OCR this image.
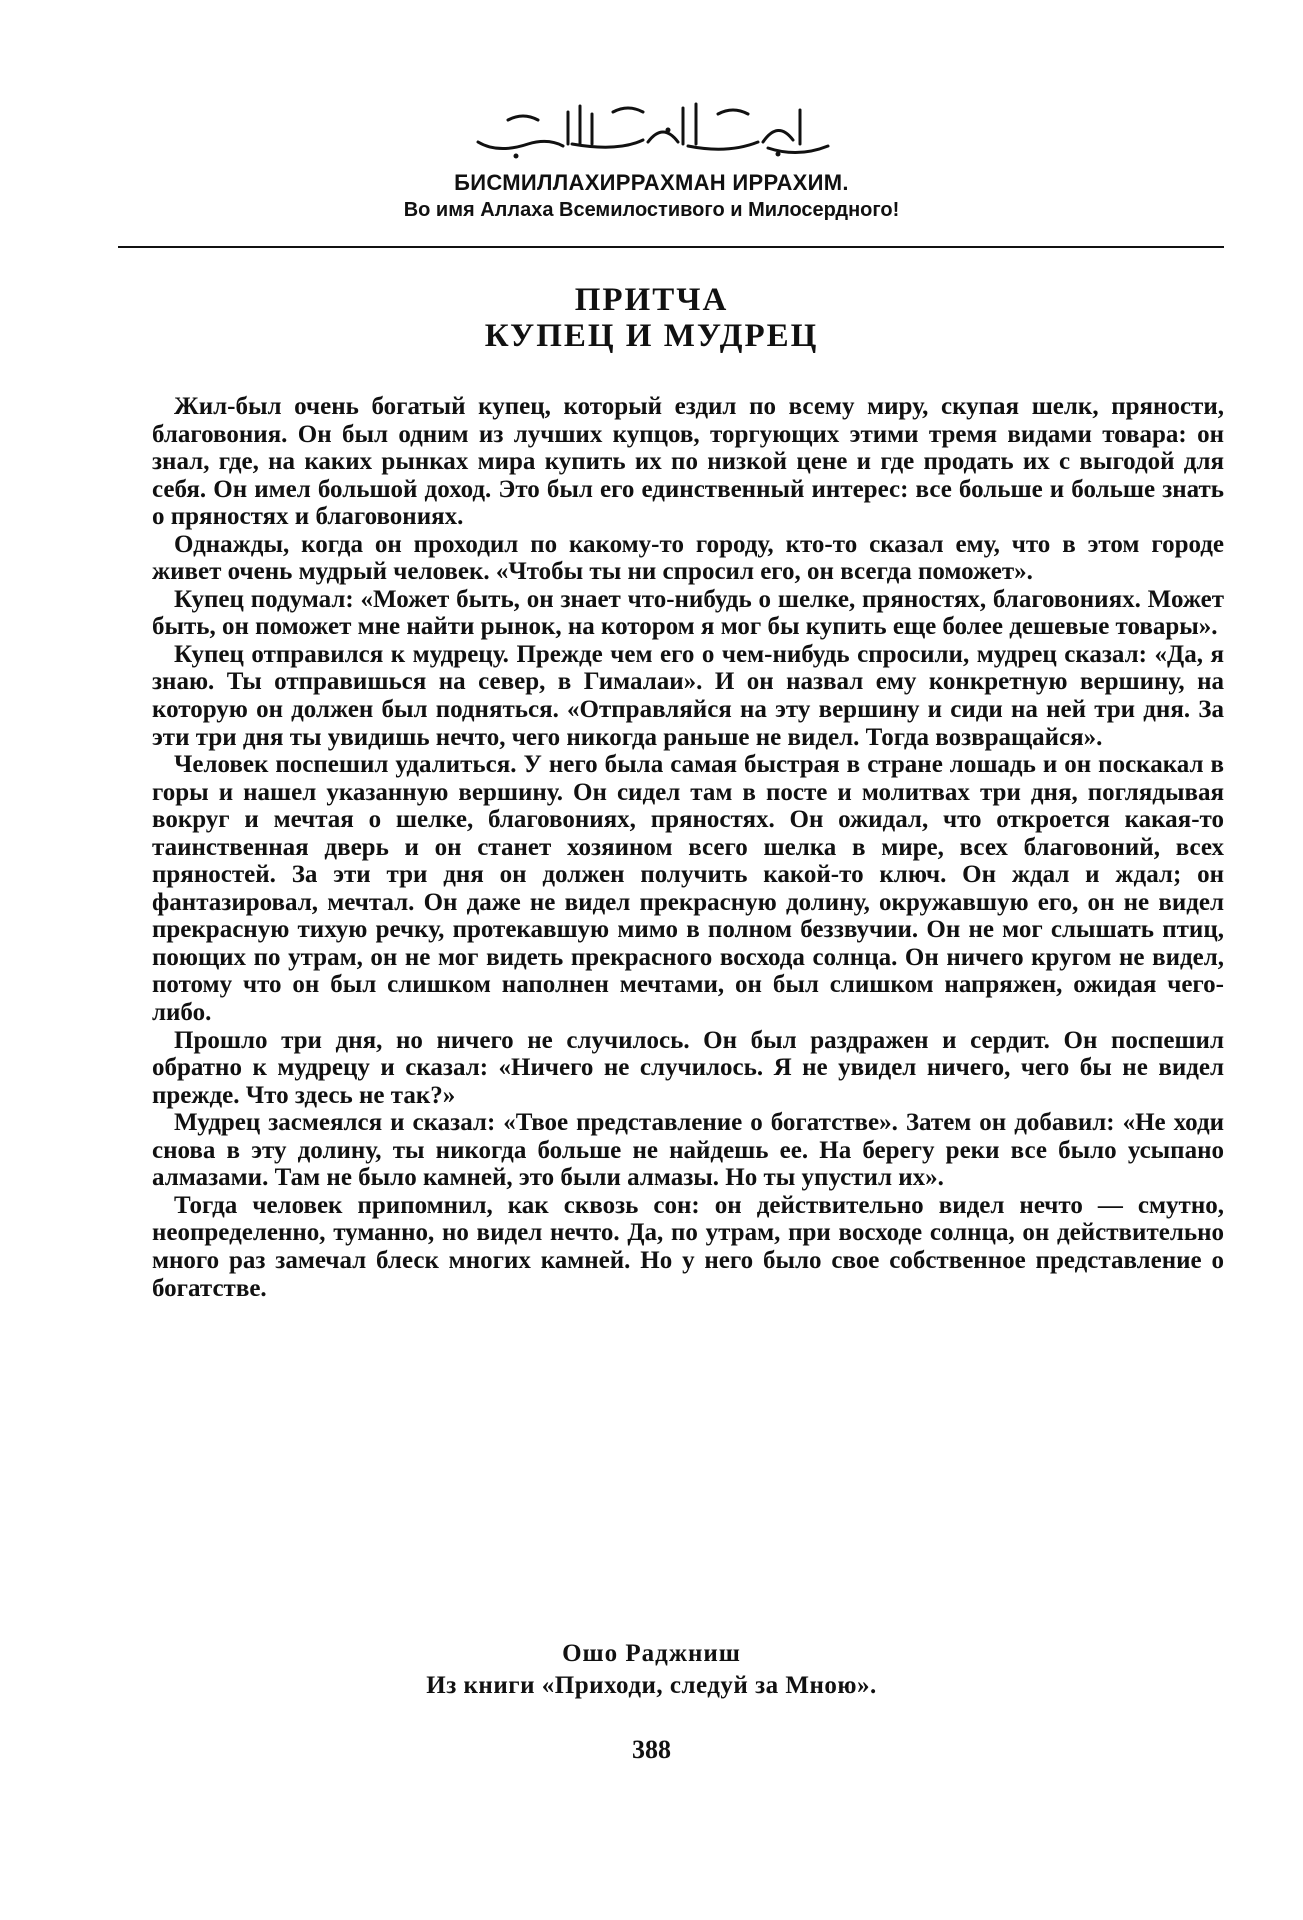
БИСМИЛЛАХИРРАХМАН ИРРАХИМ.
Во имя Аллаха Всемилостивого и Милосердного!
ПРИТЧА
КУПЕЦ И МУДРЕЦ

Жил-был очень богатый купец, который ездил по всему миру, скупая шелк, пряности, благовония. Он был одним из лучших купцов, торгующих этими тремя видами товара: он знал, где, на каких рынках мира купить их по низкой цене и где продать их с выгодой для себя. Он имел большой доход. Это был его единственный интерес: все больше и больше знать о пряностях и благовониях.

Однажды, когда он проходил по какому-то городу, кто-то сказал ему, что в этом городе живет очень мудрый человек. «Чтобы ты ни спросил его, он всегда поможет».

Купец подумал: «Может быть, он знает что-нибудь о шелке, пряностях, благовониях. Может быть, он поможет мне найти рынок, на котором я мог бы купить еще более дешевые товары».

Купец отправился к мудрецу. Прежде чем его о чем-нибудь спросили, мудрец сказал: «Да, я знаю. Ты отправишься на север, в Гималаи». И он назвал ему конкретную вершину, на которую он должен был подняться. «Отправляйся на эту вершину и сиди на ней три дня. За эти три дня ты увидишь нечто, чего никогда раньше не видел. Тогда возвращайся».

Человек поспешил удалиться. У него была самая быстрая в стране лошадь и он поскакал в горы и нашел указанную вершину. Он сидел там в посте и молитвах три дня, поглядывая вокруг и мечтая о шелке, благовониях, пряностях. Он ожидал, что откроется какая-то таинственная дверь и он станет хозяином всего шелка в мире, всех благовоний, всех пряностей. За эти три дня он должен получить какой-то ключ. Он ждал и ждал; он фантазировал, мечтал. Он даже не видел прекрасную долину, окружавшую его, он не видел прекрасную тихую речку, протекавшую мимо в полном беззвучии. Он не мог слышать птиц, поющих по утрам, он не мог видеть прекрасного восхода солнца. Он ничего кругом не видел, потому что он был слишком наполнен мечтами, он был слишком напряжен, ожидая чего-либо.

Прошло три дня, но ничего не случилось. Он был раздражен и сердит. Он поспешил обратно к мудрецу и сказал: «Ничего не случилось. Я не увидел ничего, чего бы не видел прежде. Что здесь не так?»

Мудрец засмеялся и сказал: «Твое представление о богатстве». Затем он добавил: «Не ходи снова в эту долину, ты никогда больше не найдешь ее. На берегу реки все было усыпано алмазами. Там не было камней, это были алмазы. Но ты упустил их».

Тогда человек припомнил, как сквозь сон: он действительно видел нечто — смутно, неопределенно, туманно, но видел нечто. Да, по утрам, при восходе солнца, он действительно много раз замечал блеск многих камней. Но у него было свое собственное представление о богатстве.

Ошо Раджниш
Из книги «Приходи, следуй за Мною».
388
